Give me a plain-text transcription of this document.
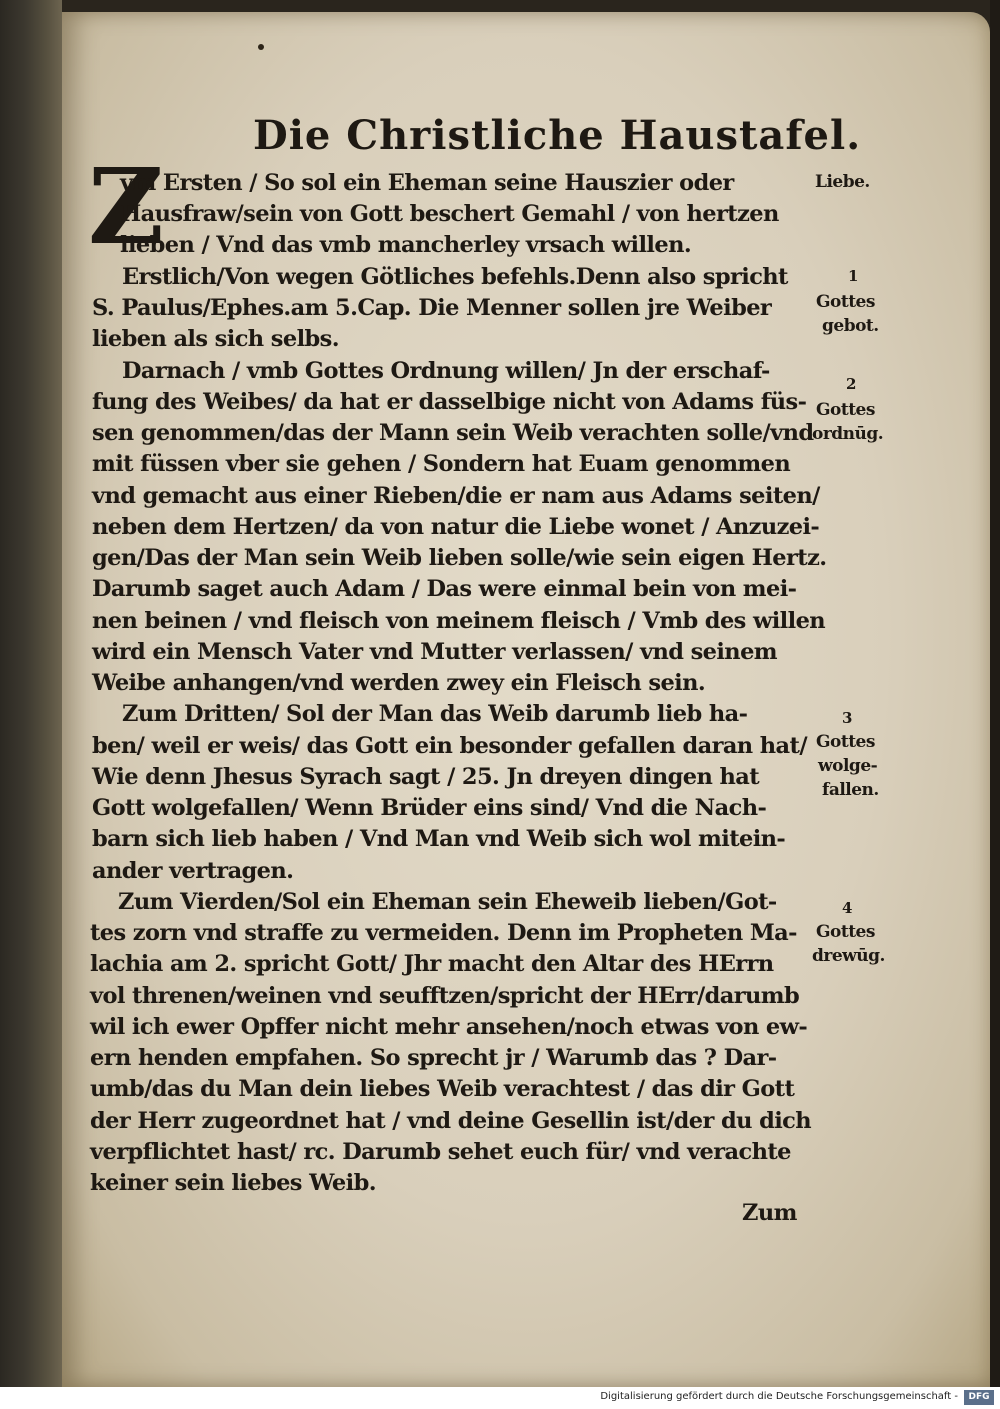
Die Christliche Haustafel.
Z
vm Ersten / So sol ein Eheman seine Hauszier oder
Hausfraw/sein von Gott beschert Gemahl / von hertzen
lieben / Vnd das vmb mancherley vrsach willen.
Erstlich/Von wegen Götliches befehls.Denn also spricht
S. Paulus/Ephes.am 5.Cap. Die Menner sollen jre Weiber
lieben als sich selbs.
Darnach / vmb Gottes Ordnung willen/ Jn der erschaf-
fung des Weibes/ da hat er dasselbige nicht von Adams füs-
sen genommen/das der Mann sein Weib verachten solle/vnd
mit füssen vber sie gehen / Sondern hat Euam genommen
vnd gemacht aus einer Rieben/die er nam aus Adams seiten/
neben dem Hertzen/ da von natur die Liebe wonet / Anzuzei-
gen/Das der Man sein Weib lieben solle/wie sein eigen Hertz.
Darumb saget auch Adam / Das were einmal bein von mei-
nen beinen / vnd fleisch von meinem fleisch / Vmb des willen
wird ein Mensch Vater vnd Mutter verlassen/ vnd seinem
Weibe anhangen/vnd werden zwey ein Fleisch sein.
Zum Dritten/ Sol der Man das Weib darumb lieb ha-
ben/ weil er weis/ das Gott ein besonder gefallen daran hat/
Wie denn Jhesus Syrach sagt / 25. Jn dreyen dingen hat
Gott wolgefallen/ Wenn Brüder eins sind/ Vnd die Nach-
barn sich lieb haben / Vnd Man vnd Weib sich wol mitein-
ander vertragen.
Zum Vierden/Sol ein Eheman sein Eheweib lieben/Got-
tes zorn vnd straffe zu vermeiden. Denn im Propheten Ma-
lachia am 2. spricht Gott/ Jhr macht den Altar des HErrn
vol threnen/weinen vnd seufftzen/spricht der HErr/darumb
wil ich ewer Opffer nicht mehr ansehen/noch etwas von ew-
ern henden empfahen. So sprecht jr / Warumb das ? Dar-
umb/das du Man dein liebes Weib verachtest / das dir Gott
der Herr zugeordnet hat / vnd deine Gesellin ist/der du dich
verpflichtet hast/ rc. Darumb sehet euch für/ vnd verachte
keiner sein liebes Weib.
Zum
Liebe.
1
Gottes
gebot.
2
Gottes
ordnūg.
3
Gottes
wolge-
fallen.
4
Gottes
drewūg.
Digitalisierung gefördert durch die Deutsche Forschungsgemeinschaft -	DFG
